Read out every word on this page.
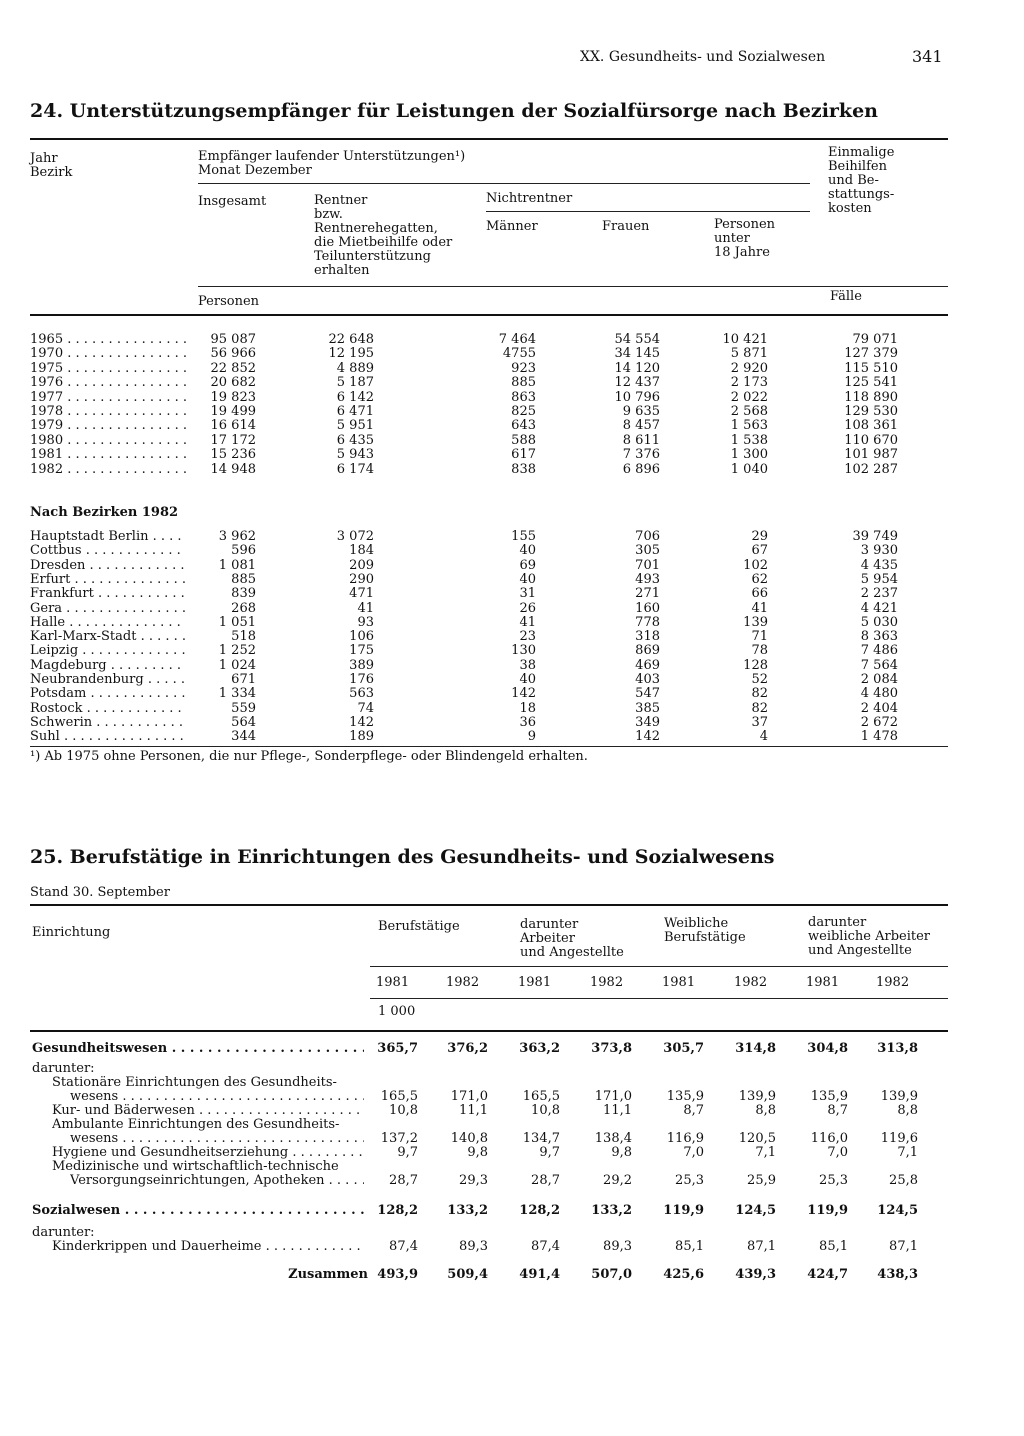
XX. Gesundheits- und Sozialwesen	341
24. Unterstützungsempfänger für Leistungen der Sozialfürsorge nach Bezirken
Jahr
Bezirk
Empfänger laufender Unterstützungen¹)
Monat Dezember
Einmalige
Beihilfen
und Be-
stattungs-
kosten
Insgesamt	Rentner
bzw.
Rentnerehegatten,
die Mietbeihilfe oder
Teilunterstützung
erhalten
Nichtrentner
Männer	Frauen	Personen
unter
18 Jahre
Personen	Fälle
1965 . . .	95 087	22 648	7 464	54 554	10 421	79 071
1970 . . .	56 966	12 195	4755	34 145	5 871	127 379
1975 . . .	22 852	4 889	923	14 120	2 920	115 510
1976 . . .	20 682	5 187	885	12 437	2 173	125 541
1977 . . .	19 823	6 142	863	10 796	2 022	118 890
1978 . . .	19 499	6 471	825	9 635	2 568	129 530
1979 . . .	16 614	5 951	643	8 457	1 563	108 361
1980 . . .	17 172	6 435	588	8 611	1 538	110 670
1981 . . .	15 236	5 943	617	7 376	1 300	101 987
1982 . . .	14 948	6 174	838	6 896	1 040	102 287
Nach Bezirken 1982
Hauptstadt Berlin . . .	3 962	3 072	155	706	29	39 749
Cottbus . . .	596	184	40	305	67	3 930
Dresden . . .	1 081	209	69	701	102	4 435
Erfurt . . .	885	290	40	493	62	5 954
Frankfurt . . .	839	471	31	271	66	2 237
Gera . . .	268	41	26	160	41	4 421
Halle . . .	1 051	93	41	778	139	5 030
Karl-Marx-Stadt . . .	518	106	23	318	71	8 363
Leipzig . . .	1 252	175	130	869	78	7 486
Magdeburg . . .	1 024	389	38	469	128	7 564
Neubrandenburg . . .	671	176	40	403	52	2 084
Potsdam . . .	1 334	563	142	547	82	4 480
Rostock . . .	559	74	18	385	82	2 404
Schwerin . . .	564	142	36	349	37	2 672
Suhl . . .	344	189	9	142	4	1 478
¹) Ab 1975 ohne Personen, die nur Pflege-, Sonderpflege- oder Blindengeld erhalten.
25. Berufstätige in Einrichtungen des Gesundheits- und Sozialwesens
Stand 30. September
Einrichtung	Berufstätige	darunter
Arbeiter
und Angestellte
Weibliche
Berufstätige
darunter
weibliche Arbeiter
und Angestellte
1981	1982	1981	1982	1981	1982	1981	1982
1 000
Gesundheitswesen . . .	365,7	376,2	363,2	373,8	305,7	314,8	304,8	313,8
darunter:
Stationäre Einrichtungen des Gesundheits-
wesens . . .	165,5	171,0	165,5	171,0	135,9	139,9	135,9	139,9
Kur- und Bäderwesen . . .	10,8	11,1	10,8	11,1	8,7	8,8	8,7	8,8
Ambulante Einrichtungen des Gesundheits-
wesens . . .	137,2	140,8	134,7	138,4	116,9	120,5	116,0	119,6
Hygiene und Gesundheitserziehung . . .	9,7	9,8	9,7	9,8	7,0	7,1	7,0	7,1
Medizinische und wirtschaftlich-technische
Versorgungseinrichtungen, Apotheken . . .	28,7	29,3	28,7	29,2	25,3	25,9	25,3	25,8
Sozialwesen . . .	128,2	133,2	128,2	133,2	119,9	124,5	119,9	124,5
darunter:
Kinderkrippen und Dauerheime . . .	87,4	89,3	87,4	89,3	85,1	87,1	85,1	87,1
Zusammen 493,9	509,4	491,4	507,0	425,6	439,3	424,7	438,3
